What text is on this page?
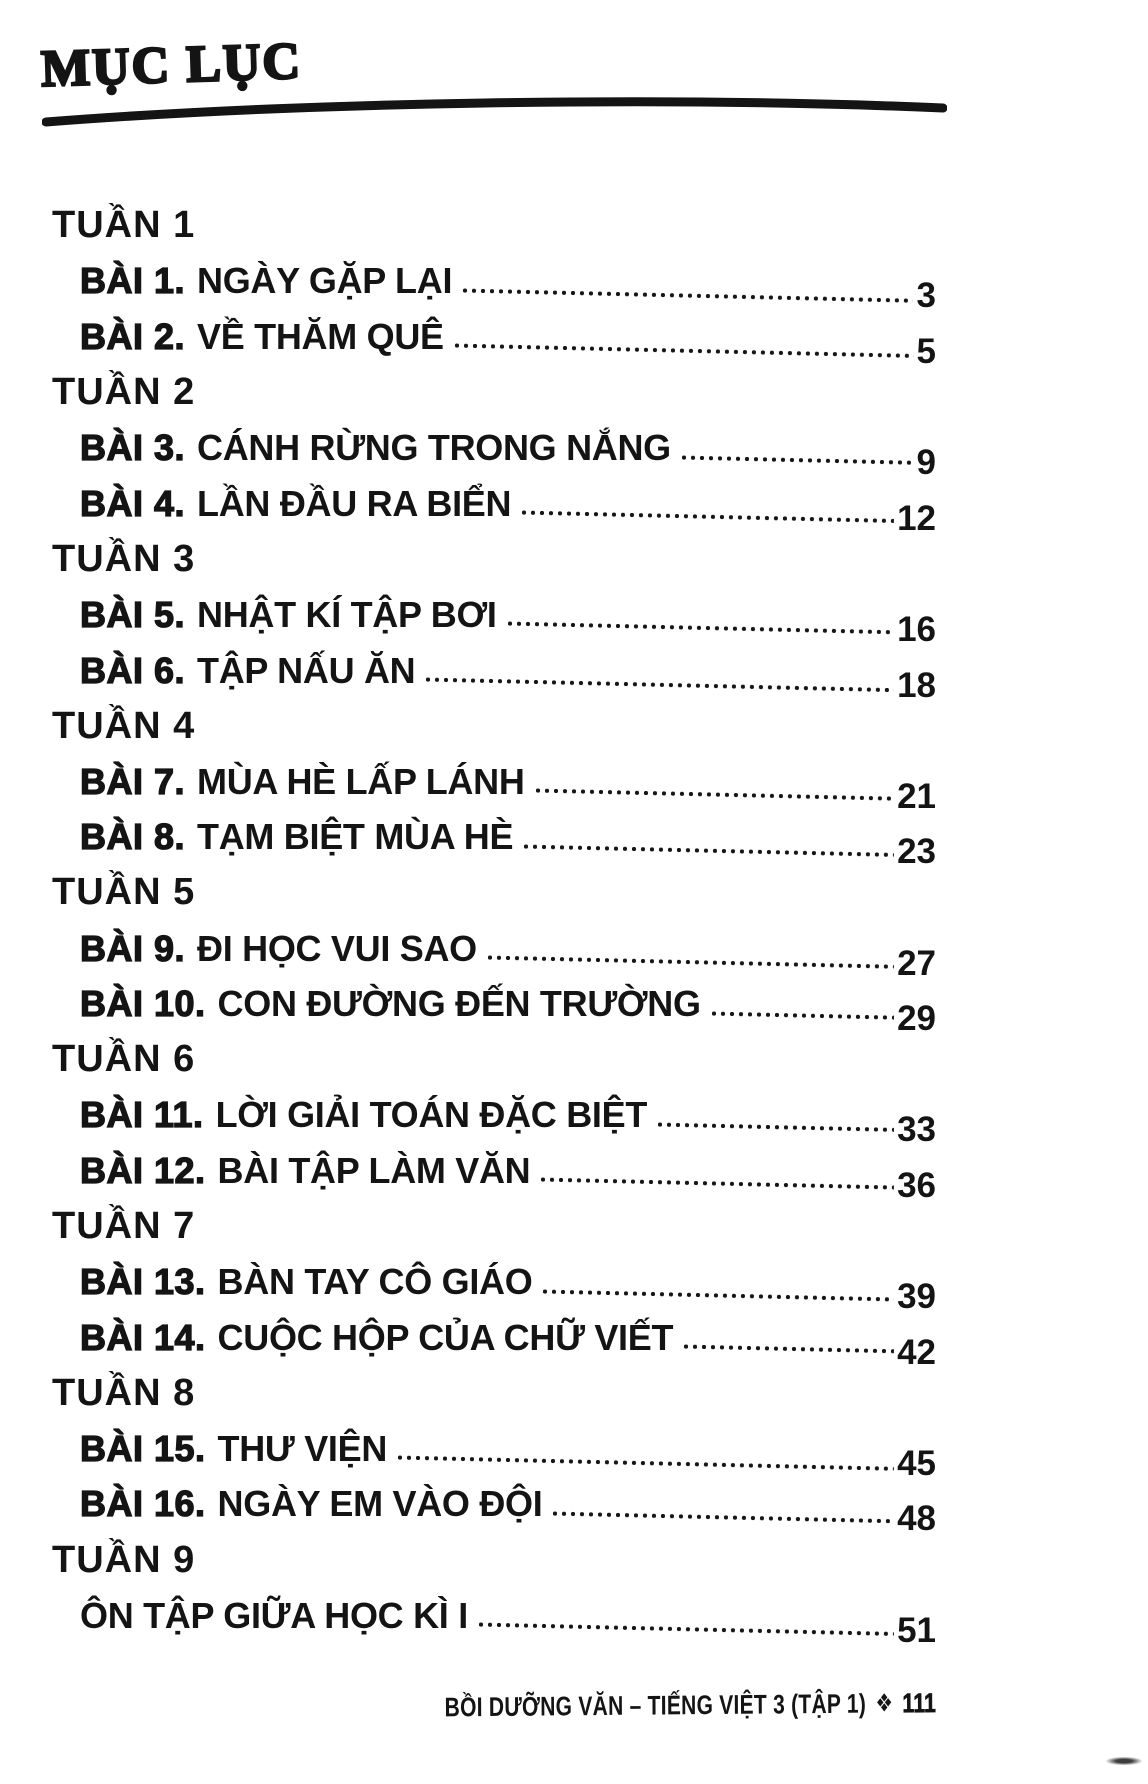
MỤC LỤC
TUẦN 1
BÀI 1. NGÀY GẶP LẠI	3
BÀI 2. VỀ THĂM QUÊ	5
TUẦN 2
BÀI 3. CÁNH RỪNG TRONG NẮNG	9
BÀI 4. LẦN ĐẦU RA BIỂN	12
TUẦN 3
BÀI 5. NHẬT KÍ TẬP BƠI	16
BÀI 6. TẬP NẤU ĂN	18
TUẦN 4
BÀI 7. MÙA HÈ LẤP LÁNH	21
BÀI 8. TẠM BIỆT MÙA HÈ	23
TUẦN 5
BÀI 9. ĐI HỌC VUI SAO	27
BÀI 10. CON ĐƯỜNG ĐẾN TRƯỜNG	29
TUẦN 6
BÀI 11. LỜI GIẢI TOÁN ĐẶC BIỆT	33
BÀI 12. BÀI TẬP LÀM VĂN	36
TUẦN 7
BÀI 13. BÀN TAY CÔ GIÁO	39
BÀI 14. CUỘC HỘP CỦA CHỮ VIẾT	42
TUẦN 8
BÀI 15. THƯ VIỆN	45
BÀI 16. NGÀY EM VÀO ĐỘI	48
TUẦN 9
ÔN TẬP GIỮA HỌC KÌ I	51
BỒI DƯỠNG VĂN – TIẾNG VIỆT 3 (TẬP 1) ❖ 111
